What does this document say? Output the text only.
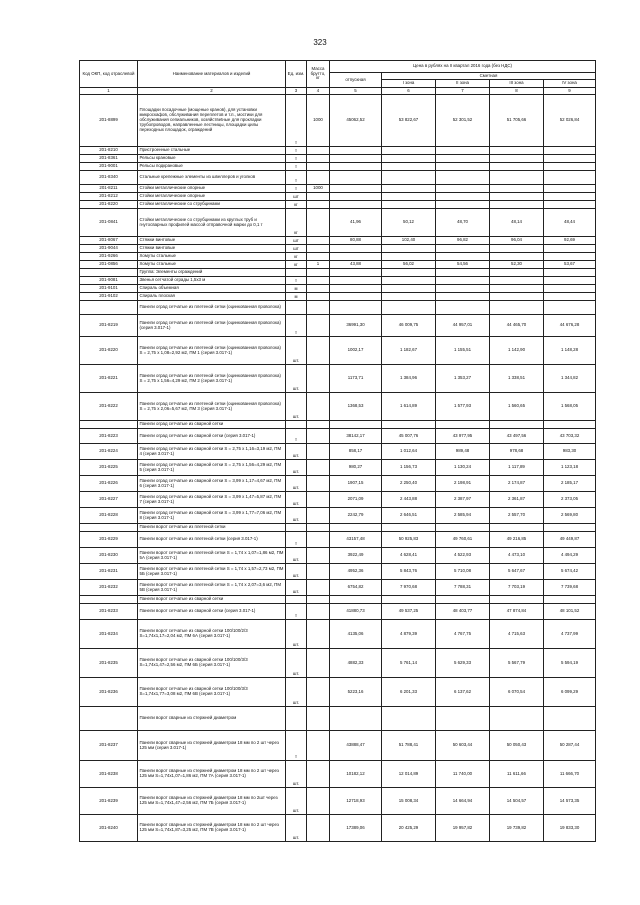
323
Код ОКП, код отраслевой	Наименование материалов и изделий	Ед. изм.	Масса брутто, кг	Цена в рублях на II квартал 2016 года (без НДС)				
				отпускная	Сметная			
					I зона	II зона	III зона	IV зона
1	2	3	4	5	6	7	8	9
201-8899	Площадки посадочные (мощеные кранов), для установки микроскафов, обслуживания переплетов и т.п., мостики для обслуживания сепиальников, хозяйствеtные для прокладки трубопроводов, направленные лестницы, площадки цилы переходных площадок, ограждений	т	1000	45062,52	53 822,67	52 301,52	51 705,66	52 026,84
201-8210	Пристроенные стальные	т						
201-8361	Рельсы крановые	т						
201-9001	Рельсы подкрановые	т						
201-8340	Стальные крепежные элементы из швеллеров и уголков	т						
201-8211	Стойки металлические опорные	т	1000					
201-8212	Стойки металлические опорные	шт						
201-8220	Стойки металлические со струбцинами	кг						
201-0841	Стойки металлические со струбцинами из круглых труб и гнутосварных профилей массой отправочной марки до 0,1 т	кг		41,96	50,12	48,70	48,14	48,44
201-8067	Стяжки винтовые	шт		80,88	102,40	96,82	96,04	92,69
201-9044	Стяжки винтовые	шт						
201-9266	Хомуты стальные	кг						
201-0856	Хомуты стальные	кг	1	43,88	56,02	54,56	52,30	53,67
	Группа: Элементы ограждений							
201-9081	Звенья сетчатой ограды 1,5х3 м	т						
201-9101	Спираль объемная	м						
201-9102	Спираль плоская	м						
	Панели оград сетчатые из плетеной сетки (оцинкованная проволока)							
201-8219	Панели оград сетчатые из плетеной сетки (оцинкованная проволока) (серия 3.017-1)	т		36991,30	46 009,75	44 957,01	44 465,70	44 676,28
201-8220	Панели оград сетчатые из плетеной сетки (оцинкованная проволока) S = 2,75 x 1,08=2,92 м2, ПМ 1 (серия 3.017-1)	шт.		1002,17	1 182,67	1 155,51	1 142,90	1 148,28
201-8221	Панели оград сетчатые из плетеной сетки (оцинкованная проволока) S = 2,75 x 1,56=4,29 м2, ПМ 2 (серия 3.017-1)	шт.		1173,71	1 384,96	1 353,27	1 338,51	1 344,82
201-8222	Панели оград сетчатые из плетеной сетки (оцинкованная проволока) S = 2,75 x 2,06=5,67 м2, ПМ 3 (серия 3.017-1)	шт.		1368,53	1 614,89	1 577,93	1 560,65	1 568,05
	Панели оград сетчатые из сварной сетки							
201-8223	Панели оград сетчатые из сварной сетки (серия 3.017-1)	т		38142,17	45 007,76	43 977,95	43 497,56	43 703,32
201-8224	Панели оград сетчатые из сварной сетки S = 2,75 x 1,16=3,19 м2, ПМ 4 (серия 3.017-1)	шт.		858,17	1 012,64	989,48	978,68	983,30
201-8225	Панели оград сетчатые из сварной сетки S = 2,75 x 1,56=4,29 м2, ПМ 5 (серия 3.017-1)	шт.		980,27	1 156,73	1 130,24	1 117,89	1 123,18
201-8226	Панели оград сетчатые из сварной сетки S = 3,99 x 1,17=4,67 м2, ПМ 6 (серия 3.017-1)	шт.		1907,15	2 250,40	2 198,91	2 174,87	2 185,17
201-8227	Панели оград сетчатые из сварной сетки S = 3,99 x 1,47=5,87 м2, ПМ 7 (серия 3.017-1)	шт.		2071,09	2 443,88	2 387,97	2 361,87	2 373,05
201-8228	Панели оград сетчатые из сварной сетки S = 3,99 x 1,77=7,06 м2, ПМ 8 (серия 3.017-1)	шт.		2242,79	2 646,51	2 585,94	2 557,70	2 569,80
	Панели ворот сетчатые из плетеной сетки							
201-8229	Панели ворот сетчатые из плетеной сетки (серия 3.017-1)	т		43157,48	50 925,83	49 760,61	49 216,85	49 449,87
201-8230	Панели ворот сетчатые из плетеной сетки S = 1,74 x 1,07=1,86 м2, ПМ 5А (серия 3.017-1)	шт.		3922,49	4 628,41	4 522,93	4 473,10	4 494,29
201-8231	Панели ворот сетчатые из плетеной сетки S = 1,74 x 1,57=2,73 м2, ПМ 5Б (серия 3.017-1)	шт.		4952,36	5 843,76	5 710,08	5 647,67	5 674,42
201-8232	Панели ворот сетчатые из плетеной сетки S = 1,74 x 2,07=3,6 м2, ПМ 5В (серия 3.017-1)	шт.		6754,82	7 970,68	7 788,31	7 703,19	7 739,68
	Панели ворот сетчатые из сварной сетки							
201-8233	Панели ворот сетчатые из сварной сетки (серия 3.017-1)	т		41880,73	49 537,25	48 403,77	47 874,84	48 101,52
201-8234	Панели ворот сетчатые из сварной сетки 100/100/2/3 S=1,74x1,17=2,04 м2, ПМ 6А (серия 3.017-1)	шт.		4135,06	4 879,39	4 767,75	4 715,63	4 737,99
201-8235	Панели ворот сетчатые из сварной сетки 100/100/3/3 S=1,74x1,47=2,56 м2, ПМ 6Б (серия 3.017-1)	шт.		4882,33	5 761,14	5 629,33	5 567,79	5 594,19
201-8236	Панели ворот сетчатые из сварной сетки 100/100/3/3 S=1,74x1,77=3,08 м2, ПМ 6В (серия 3.017-1)	шт.		5223,16	6 201,33	6 137,62	6 070,54	6 099,29
	Панели ворот сварные из стержней диаметром							
201-8237	Панели ворот сварные из стержней диаметром 18 мм по 2 шт через 125 мм (серия 3.017-1)	т		43888,47	51 788,41	50 603,44	50 050,43	50 287,44
201-8238	Панели ворот сварные из стержней диаметром 18 мм по 2 шт через 125 мм S=1,74x1,07=1,86 м2, ПМ 7А (серия 3.017-1)	шт.		10182,12	12 014,89	11 740,00	11 611,66	11 666,70
201-8239	Панели ворот сварные из стержней диаметром 18 мм по 2шт через 125 мм S=1,74x1,47=2,56 м2, ПМ 7Б (серия 3.017-1)	шт.		12718,93	15 008,34	14 664,94	14 504,57	14 573,35
201-8240	Панели ворот сварные из стержней диаметром 18 мм по 2 шт через 125 мм S=1,74x1,87=3,25 м2, ПМ 7В (серия 3.017-1)	шт.		17389,06	20 425,29	19 957,82	19 739,82	19 833,30
